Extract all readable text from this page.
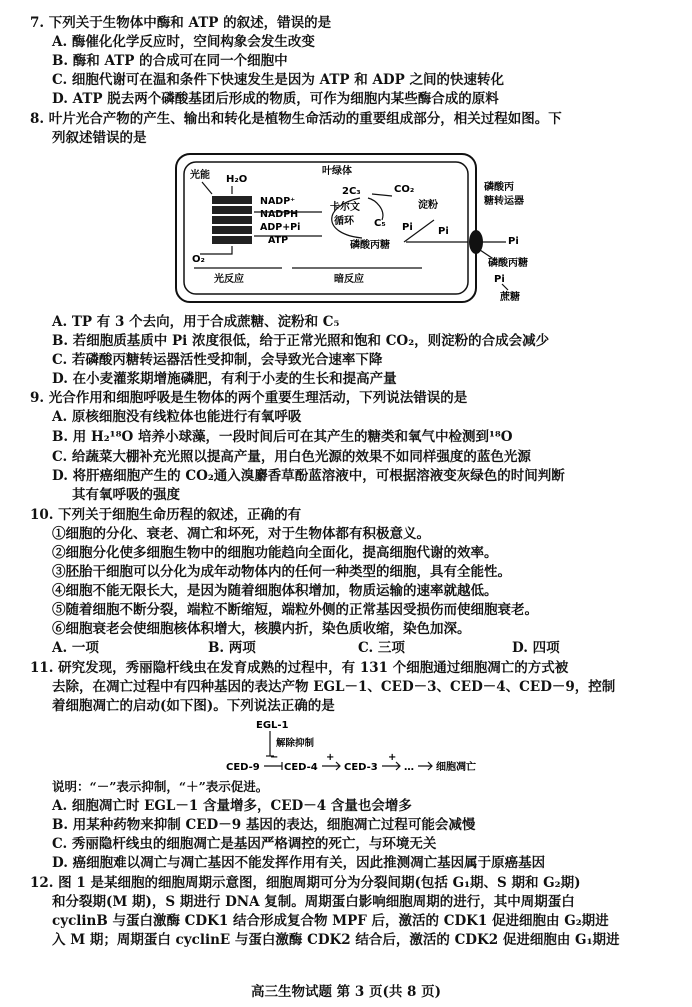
7. 下列关于生物体中酶和 ATP 的叙述，错误的是
A. 酶催化化学反应时，空间构象会发生改变
B. 酶和 ATP 的合成可在同一个细胞中
C. 细胞代谢可在温和条件下快速发生是因为 ATP 和 ADP 之间的快速转化
D. ATP 脱去两个磷酸基团后形成的物质，可作为细胞内某些酶合成的原料
8. 叶片光合产物的产生、输出和转化是植物生命活动的重要组成部分，相关过程如图。下
列叙述错误的是
光能 H₂O
叶绿体
NADP⁺
NADPH
ADP+Pi
ATP
2C₃	CO₂
卡尔文
循环 C₅
淀粉
Pi	Pi
磷酸丙糖
O₂
光反应	暗反应
磷酸丙
糖转运器
Pi
磷酸丙糖
Pi
蔗糖
A. TP 有 3 个去向，用于合成蔗糖、淀粉和 C₅
B. 若细胞质基质中 Pi 浓度很低，给于正常光照和饱和 CO₂，则淀粉的合成会减少
C. 若磷酸丙糖转运器活性受抑制，会导致光合速率下降
D. 在小麦灌浆期增施磷肥，有利于小麦的生长和提高产量
9. 光合作用和细胞呼吸是生物体的两个重要生理活动，下列说法错误的是
A. 原核细胞没有线粒体也能进行有氧呼吸
B. 用 H₂¹⁸O 培养小球藻，一段时间后可在其产生的糖类和氧气中检测到¹⁸O
C. 给蔬菜大棚补充光照以提高产量，用白色光源的效果不如同样强度的蓝色光源
D. 将肝癌细胞产生的 CO₂通入溴麝香草酚蓝溶液中，可根据溶液变灰绿色的时间判断
其有氧呼吸的强度
10. 下列关于细胞生命历程的叙述，正确的有
①细胞的分化、衰老、凋亡和坏死，对于生物体都有积极意义。
②细胞分化使多细胞生物中的细胞功能趋向全面化，提高细胞代谢的效率。
③胚胎干细胞可以分化为成年动物体内的任何一种类型的细胞，具有全能性。
④细胞不能无限长大，是因为随着细胞体积增加，物质运输的速率就越低。
⑤随着细胞不断分裂，端粒不断缩短，端粒外侧的正常基因受损伤而使细胞衰老。
⑥细胞衰老会使细胞核体积增大，核膜内折，染色质收缩，染色加深。
A. 一项	B. 两项	C. 三项	D. 四项
11. 研究发现，秀丽隐杆线虫在发育成熟的过程中，有 131 个细胞通过细胞凋亡的方式被
去除，在凋亡过程中有四种基因的表达产物 EGL－1、CED－3、CED－4、CED－9，控制
着细胞凋亡的启动(如下图)。下列说法正确的是
EGL-1
解除抑制
CED-9
−
CED-4
+
CED-3
+
… 细胞凋亡
说明：“－”表示抑制，“＋”表示促进。
A. 细胞凋亡时 EGL－1 含量增多，CED－4 含量也会增多
B. 用某种药物来抑制 CED－9 基因的表达，细胞凋亡过程可能会减慢
C. 秀丽隐杆线虫的细胞凋亡是基因严格调控的死亡，与环境无关
D. 癌细胞难以凋亡与凋亡基因不能发挥作用有关，因此推测凋亡基因属于原癌基因
12. 图 1 是某细胞的细胞周期示意图，细胞周期可分为分裂间期(包括 G₁期、S 期和 G₂期)
和分裂期(M 期)，S 期进行 DNA 复制。周期蛋白影响细胞周期的进行，其中周期蛋白
cyclinB 与蛋白激酶 CDK1 结合形成复合物 MPF 后，激活的 CDK1 促进细胞由 G₂期进
入 M 期；周期蛋白 cyclinE 与蛋白激酶 CDK2 结合后，激活的 CDK2 促进细胞由 G₁期进
高三生物试题 第 3 页(共 8 页)
